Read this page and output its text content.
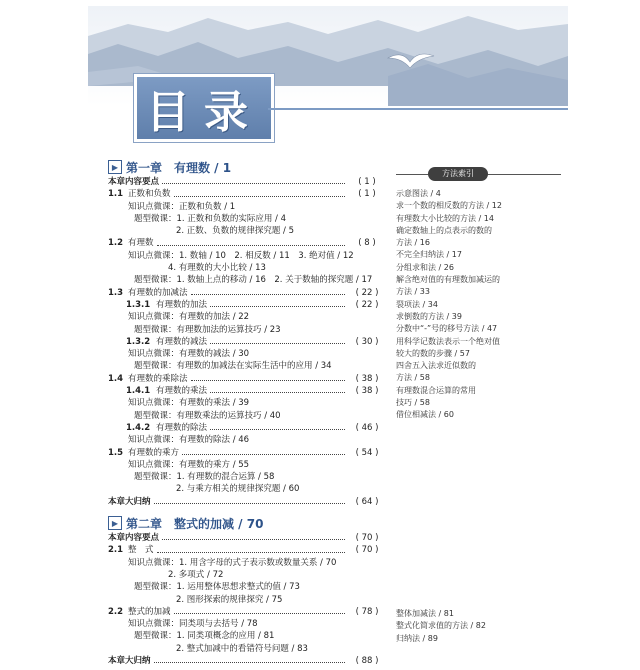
目录
▶ 第一章　有理数 / 1
本章内容要点	( 1 )
1.1 正数和负数	( 1 )
知识点微课：正数和负数 / 1
题型微课：1. 正数和负数的实际应用 / 4
2. 正数、负数的规律探究题 / 5
1.2 有理数	( 8 )
知识点微课：1. 数轴 / 10　2. 相反数 / 11　3. 绝对值 / 12
4. 有理数的大小比较 / 13
题型微课：1. 数轴上点的移动 / 16　2. 关于数轴的探究题 / 17
1.3 有理数的加减法	( 22 )
1.3.1 有理数的加法	( 22 )
知识点微课：有理数的加法 / 22
题型微课：有理数加法的运算技巧 / 23
1.3.2 有理数的减法	( 30 )
知识点微课：有理数的减法 / 30
题型微课：有理数的加减法在实际生活中的应用 / 34
1.4 有理数的乘除法	( 38 )
1.4.1 有理数的乘法	( 38 )
知识点微课：有理数的乘法 / 39
题型微课：有理数乘法的运算技巧 / 40
1.4.2 有理数的除法	( 46 )
知识点微课：有理数的除法 / 46
1.5 有理数的乘方	( 54 )
知识点微课：有理数的乘方 / 55
题型微课：1. 有理数的混合运算 / 58
2. 与乘方相关的规律探究题 / 60
本章大归纳	( 64 )
▶ 第二章　整式的加减 / 70
本章内容要点	( 70 )
2.1 整　式	( 70 )
知识点微课：1. 用含字母的式子表示数或数量关系 / 70
2. 多项式 / 72
题型微课：1. 运用整体思想求整式的值 / 73
2. 图形探索的规律探究 / 75
2.2 整式的加减	( 78 )
知识点微课：同类项与去括号 / 78
题型微课：1. 同类项概念的应用 / 81
2. 整式加减中的看错符号问题 / 83
本章大归纳	( 88 )
方法索引
示意图法 / 4
求一个数的相反数的方法 / 12
有理数大小比较的方法 / 14
确定数轴上的点表示的数的
方法 / 16
不完全归纳法 / 17
分组求和法 / 26
解含绝对值的有理数加减运的
方法 / 33
裂项法 / 34
求倒数的方法 / 39
分数中“-”号的移号方法 / 47
用科学记数法表示一个绝对值
较大的数的步骤 / 57
四舍五入法求近似数的
方法 / 58
有理数混合运算的常用
技巧 / 58
借位相减法 / 60
整体加减法 / 81
整式化简求值的方法 / 82
归纳法 / 89
